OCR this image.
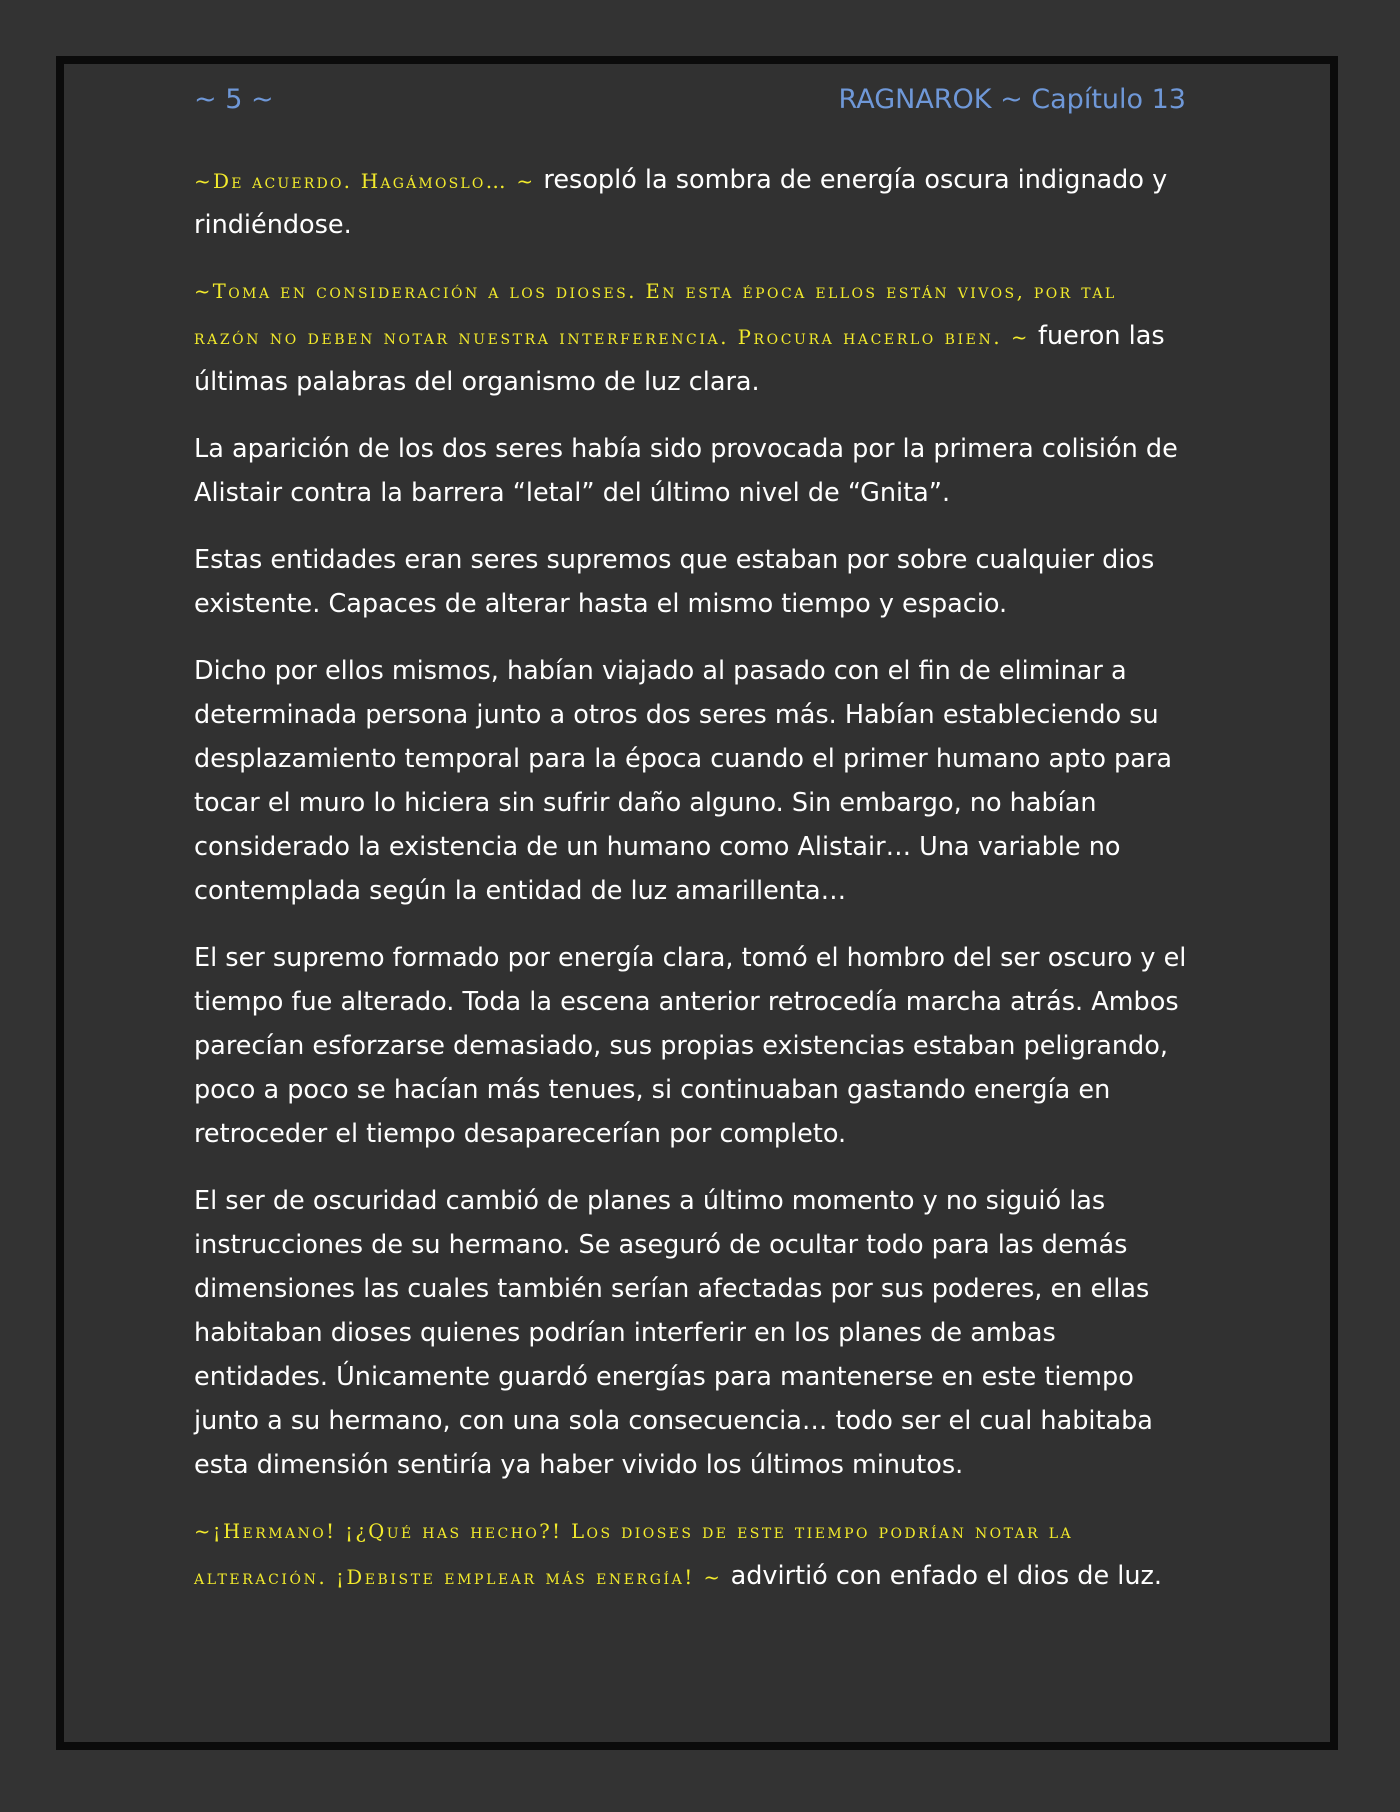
~ 5 ~	RAGNAROK ~ Capítulo 13

~De acuerdo. Hagámoslo… ~ resopló la sombra de energía oscura indignado y rindiéndose.

~Toma en consideración a los dioses. En esta época ellos están vivos, por tal
razón no deben notar nuestra interferencia. Procura hacerlo bien. ~ fueron las últimas palabras del organismo de luz clara.

La aparición de los dos seres había sido provocada por la primera colisión de Alistair contra la barrera “letal” del último nivel de “Gnita”.

Estas entidades eran seres supremos que estaban por sobre cualquier dios existente. Capaces de alterar hasta el mismo tiempo y espacio.

Dicho por ellos mismos, habían viajado al pasado con el fin de eliminar a determinada persona junto a otros dos seres más. Habían estableciendo su desplazamiento temporal para la época cuando el primer humano apto para tocar el muro lo hiciera sin sufrir daño alguno. Sin embargo, no habían considerado la existencia de un humano como Alistair… Una variable no contemplada según la entidad de luz amarillenta…

El ser supremo formado por energía clara, tomó el hombro del ser oscuro y el tiempo fue alterado. Toda la escena anterior retrocedía marcha atrás. Ambos parecían esforzarse demasiado, sus propias existencias estaban peligrando, poco a poco se hacían más tenues, si continuaban gastando energía en retroceder el tiempo desaparecerían por completo.

El ser de oscuridad cambió de planes a último momento y no siguió las instrucciones de su hermano. Se aseguró de ocultar todo para las demás dimensiones las cuales también serían afectadas por sus poderes, en ellas habitaban dioses quienes podrían interferir en los planes de ambas entidades. Únicamente guardó energías para mantenerse en este tiempo junto a su hermano, con una sola consecuencia… todo ser el cual habitaba esta dimensión sentiría ya haber vivido los últimos minutos.

~¡Hermano! ¡¿Qué has hecho?! Los dioses de este tiempo podrían notar la
alteración. ¡Debiste emplear más energía! ~ advirtió con enfado el dios de luz.
